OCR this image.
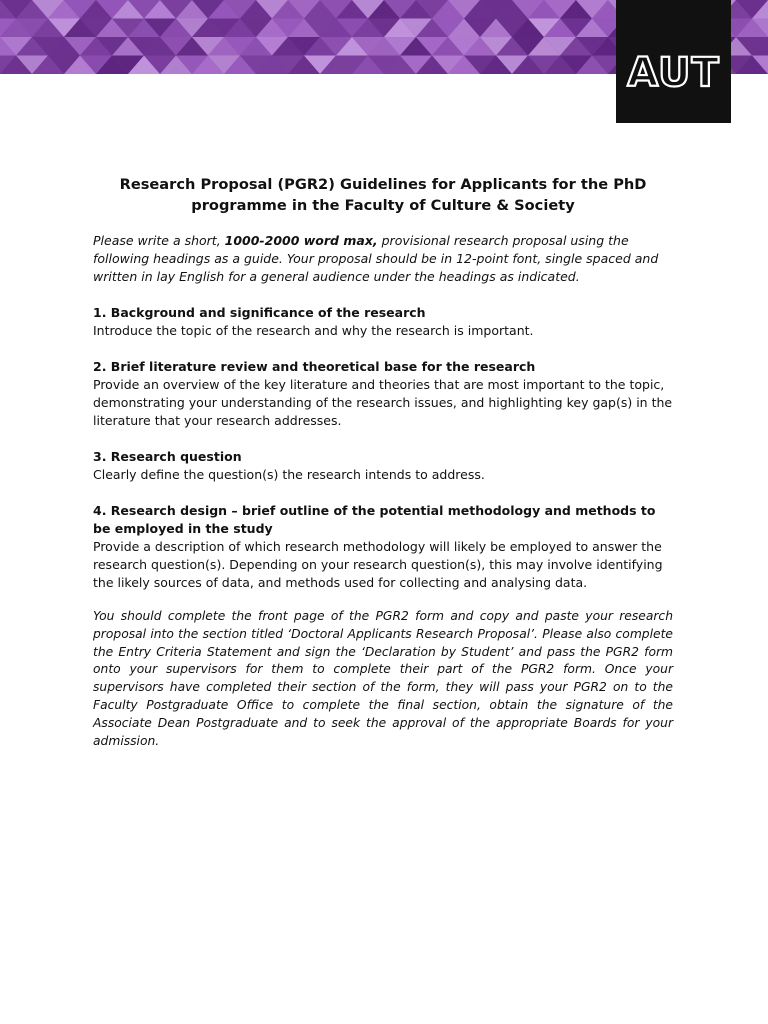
AUT
Research Proposal (PGR2) Guidelines for Applicants for the PhD programme in the Faculty of Culture & Society

Please write a short, 1000-2000 word max, provisional research proposal using the following headings as a guide. Your proposal should be in 12-point font, single spaced and written in lay English for a general audience under the headings as indicated.

1. Background and significance of the research

Introduce the topic of the research and why the research is important.

2. Brief literature review and theoretical base for the research

Provide an overview of the key literature and theories that are most important to the topic, demonstrating your understanding of the research issues, and highlighting key gap(s) in the literature that your research addresses.

3. Research question

Clearly define the question(s) the research intends to address.

4. Research design – brief outline of the potential methodology and methods to be employed in the study

Provide a description of which research methodology will likely be employed to answer the research question(s). Depending on your research question(s), this may involve identifying the likely sources of data, and methods used for collecting and analysing data.

You should complete the front page of the PGR2 form and copy and paste your research proposal into the section titled ‘Doctoral Applicants Research Proposal’. Please also complete the Entry Criteria Statement and sign the ‘Declaration by Student’ and pass the PGR2 form onto your supervisors for them to complete their part of the PGR2 form. Once your supervisors have completed their section of the form, they will pass your PGR2 on to the Faculty Postgraduate Office to complete the final section, obtain the signature of the Associate Dean Postgraduate and to seek the approval of the appropriate Boards for your admission.
